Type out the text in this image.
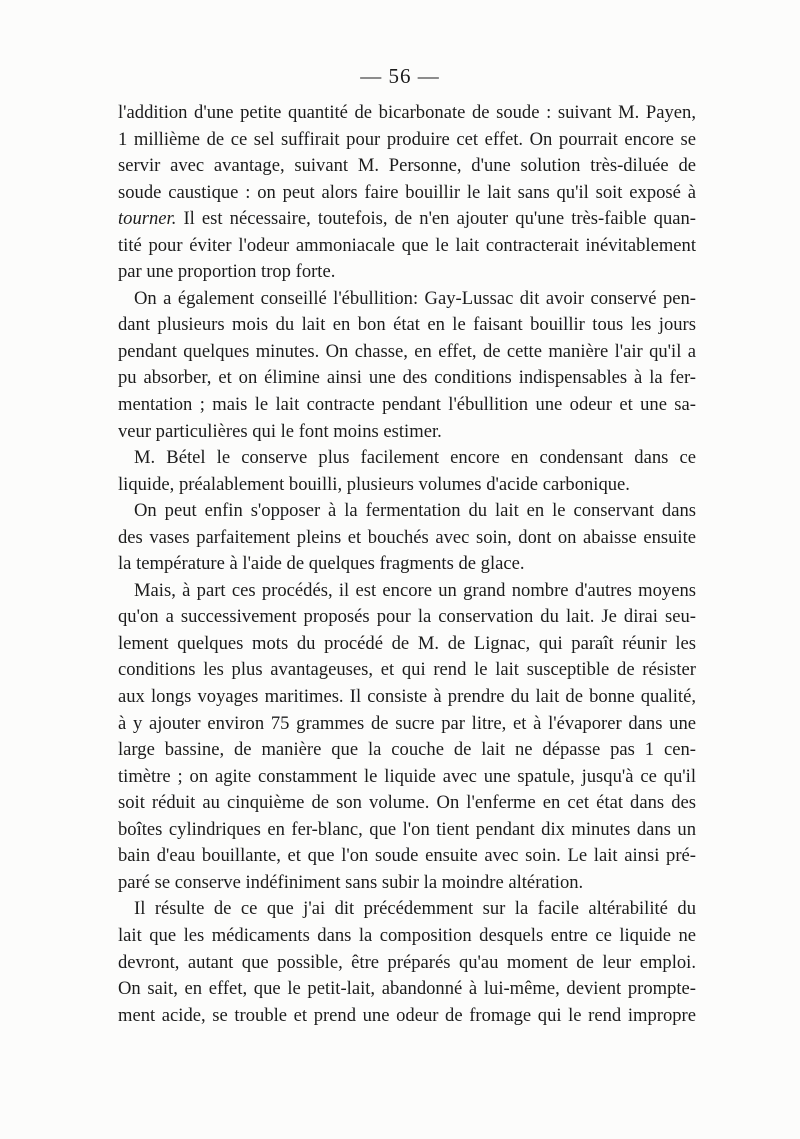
— 56 —
l'addition d'une petite quantité de bicarbonate de soude : suivant M. Payen,
1 millième de ce sel suffirait pour produire cet effet. On pourrait encore se
servir avec avantage, suivant M. Personne, d'une solution très-diluée de
soude caustique : on peut alors faire bouillir le lait sans qu'il soit exposé à
tourner. Il est nécessaire, toutefois, de n'en ajouter qu'une très-faible quan-
tité pour éviter l'odeur ammoniacale que le lait contracterait inévitablement
par une proportion trop forte.
On a également conseillé l'ébullition: Gay-Lussac dit avoir conservé pen-
dant plusieurs mois du lait en bon état en le faisant bouillir tous les jours
pendant quelques minutes. On chasse, en effet, de cette manière l'air qu'il a
pu absorber, et on élimine ainsi une des conditions indispensables à la fer-
mentation ; mais le lait contracte pendant l'ébullition une odeur et une sa-
veur particulières qui le font moins estimer.
M. Bétel le conserve plus facilement encore en condensant dans ce
liquide, préalablement bouilli, plusieurs volumes d'acide carbonique.
On peut enfin s'opposer à la fermentation du lait en le conservant dans
des vases parfaitement pleins et bouchés avec soin, dont on abaisse ensuite
la température à l'aide de quelques fragments de glace.
Mais, à part ces procédés, il est encore un grand nombre d'autres moyens
qu'on a successivement proposés pour la conservation du lait. Je dirai seu-
lement quelques mots du procédé de M. de Lignac, qui paraît réunir les
conditions les plus avantageuses, et qui rend le lait susceptible de résister
aux longs voyages maritimes. Il consiste à prendre du lait de bonne qualité,
à y ajouter environ 75 grammes de sucre par litre, et à l'évaporer dans une
large bassine, de manière que la couche de lait ne dépasse pas 1 cen-
timètre ; on agite constamment le liquide avec une spatule, jusqu'à ce qu'il
soit réduit au cinquième de son volume. On l'enferme en cet état dans des
boîtes cylindriques en fer-blanc, que l'on tient pendant dix minutes dans un
bain d'eau bouillante, et que l'on soude ensuite avec soin. Le lait ainsi pré-
paré se conserve indéfiniment sans subir la moindre altération.
Il résulte de ce que j'ai dit précédemment sur la facile altérabilité du
lait que les médicaments dans la composition desquels entre ce liquide ne
devront, autant que possible, être préparés qu'au moment de leur emploi.
On sait, en effet, que le petit-lait, abandonné à lui-même, devient prompte-
ment acide, se trouble et prend une odeur de fromage qui le rend impropre
